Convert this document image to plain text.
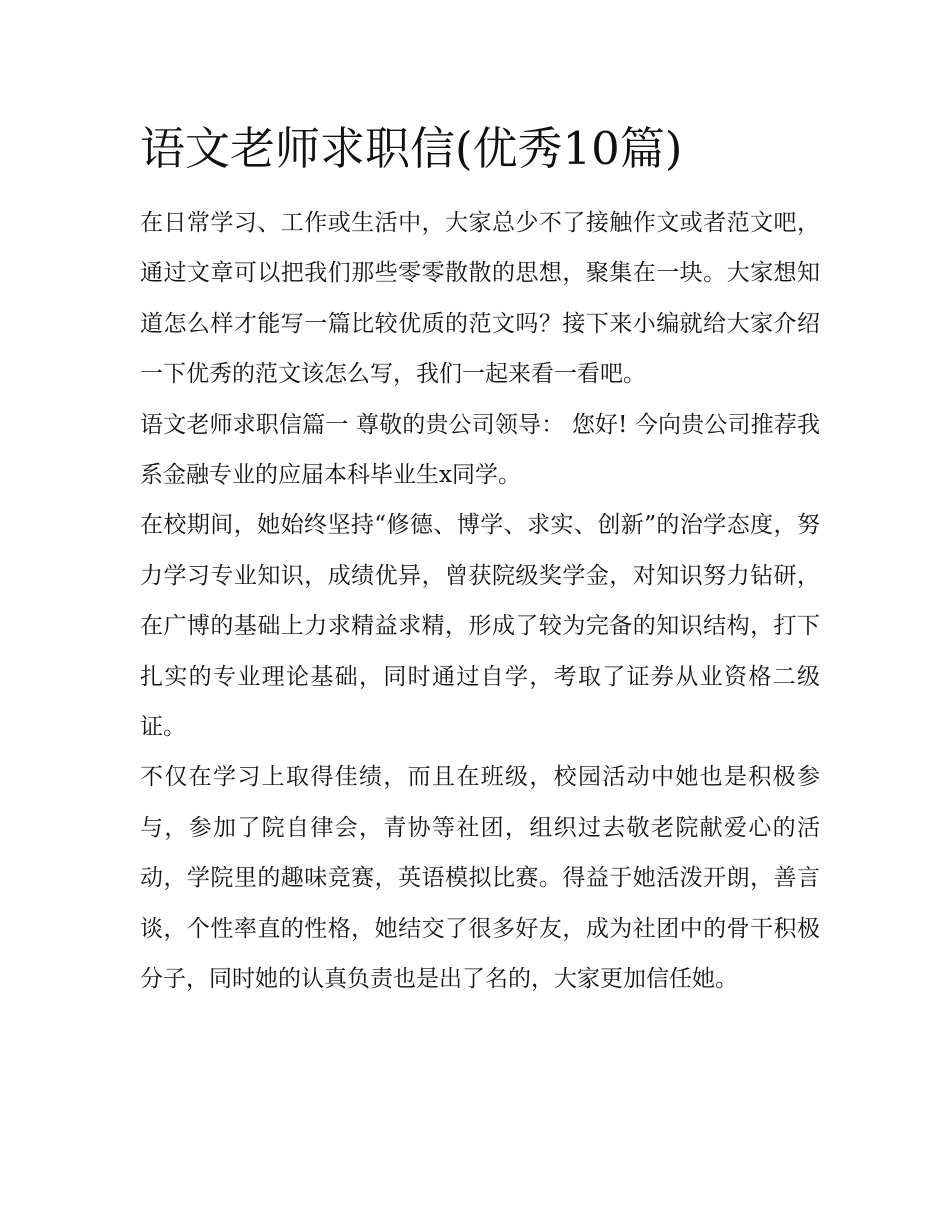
语文老师求职信(优秀10篇)

在日常学习、工作或生活中，大家总少不了接触作文或者范文吧，通过文章可以把我们那些零零散散的思想，聚集在一块。大家想知道怎么样才能写一篇比较优质的范文吗？接下来小编就给大家介绍一下优秀的范文该怎么写，我们一起来看一看吧。

语文老师求职信篇一 尊敬的贵公司领导： 您好! 今向贵公司推荐我系金融专业的应届本科毕业生x同学。

在校期间，她始终坚持“修德、博学、求实、创新”的治学态度，努力学习专业知识，成绩优异，曾获院级奖学金，对知识努力钻研，在广博的基础上力求精益求精，形成了较为完备的知识结构，打下扎实的专业理论基础，同时通过自学，考取了证券从业资格二级证。

不仅在学习上取得佳绩，而且在班级，校园活动中她也是积极参与，参加了院自律会，青协等社团，组织过去敬老院献爱心的活动，学院里的趣味竞赛，英语模拟比赛。得益于她活泼开朗，善言谈，个性率直的性格，她结交了很多好友，成为社团中的骨干积极分子，同时她的认真负责也是出了名的，大家更加信任她。
